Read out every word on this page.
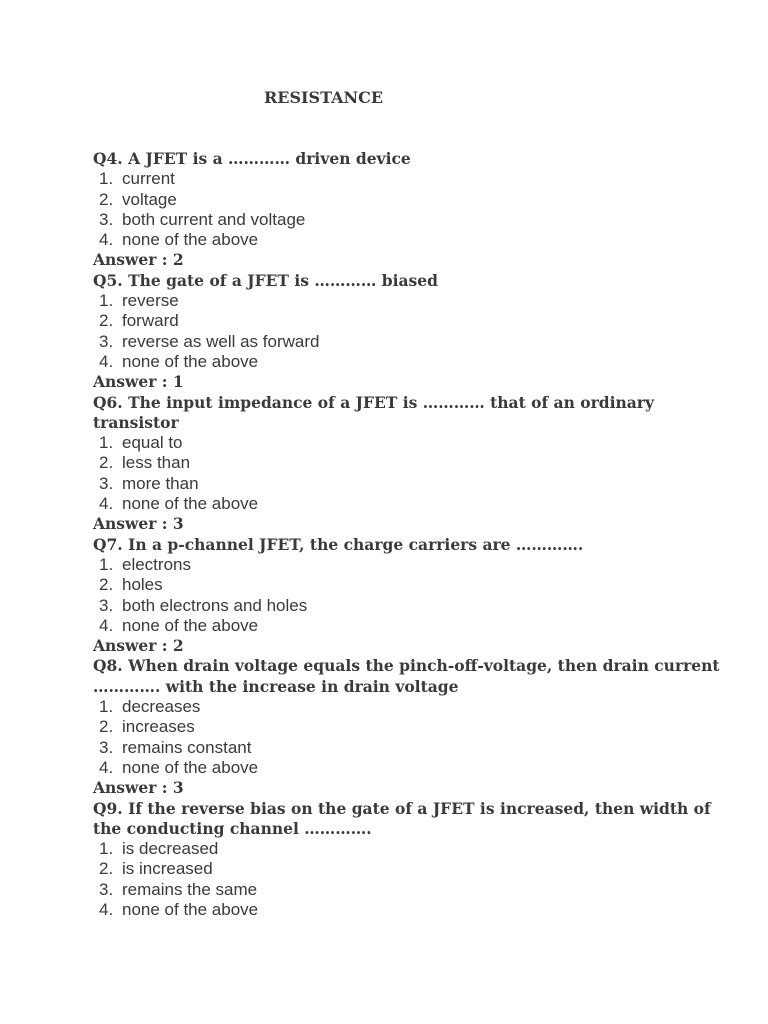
RESISTANCE
Q4. A JFET is a ………… driven device
1. current
2. voltage
3. both current and voltage
4. none of the above
Answer : 2
Q5. The gate of a JFET is ………… biased
1. reverse
2. forward
3. reverse as well as forward
4. none of the above
Answer : 1
Q6. The input impedance of a JFET is ………… that of an ordinary transistor
1. equal to
2. less than
3. more than
4. none of the above
Answer : 3
Q7. In a p-channel JFET, the charge carriers are ………….
1. electrons
2. holes
3. both electrons and holes
4. none of the above
Answer : 2
Q8. When drain voltage equals the pinch-off-voltage, then drain current …………. with the increase in drain voltage
1. decreases
2. increases
3. remains constant
4. none of the above
Answer : 3
Q9. If the reverse bias on the gate of a JFET is increased, then width of the conducting channel ………….
1. is decreased
2. is increased
3. remains the same
4. none of the above
